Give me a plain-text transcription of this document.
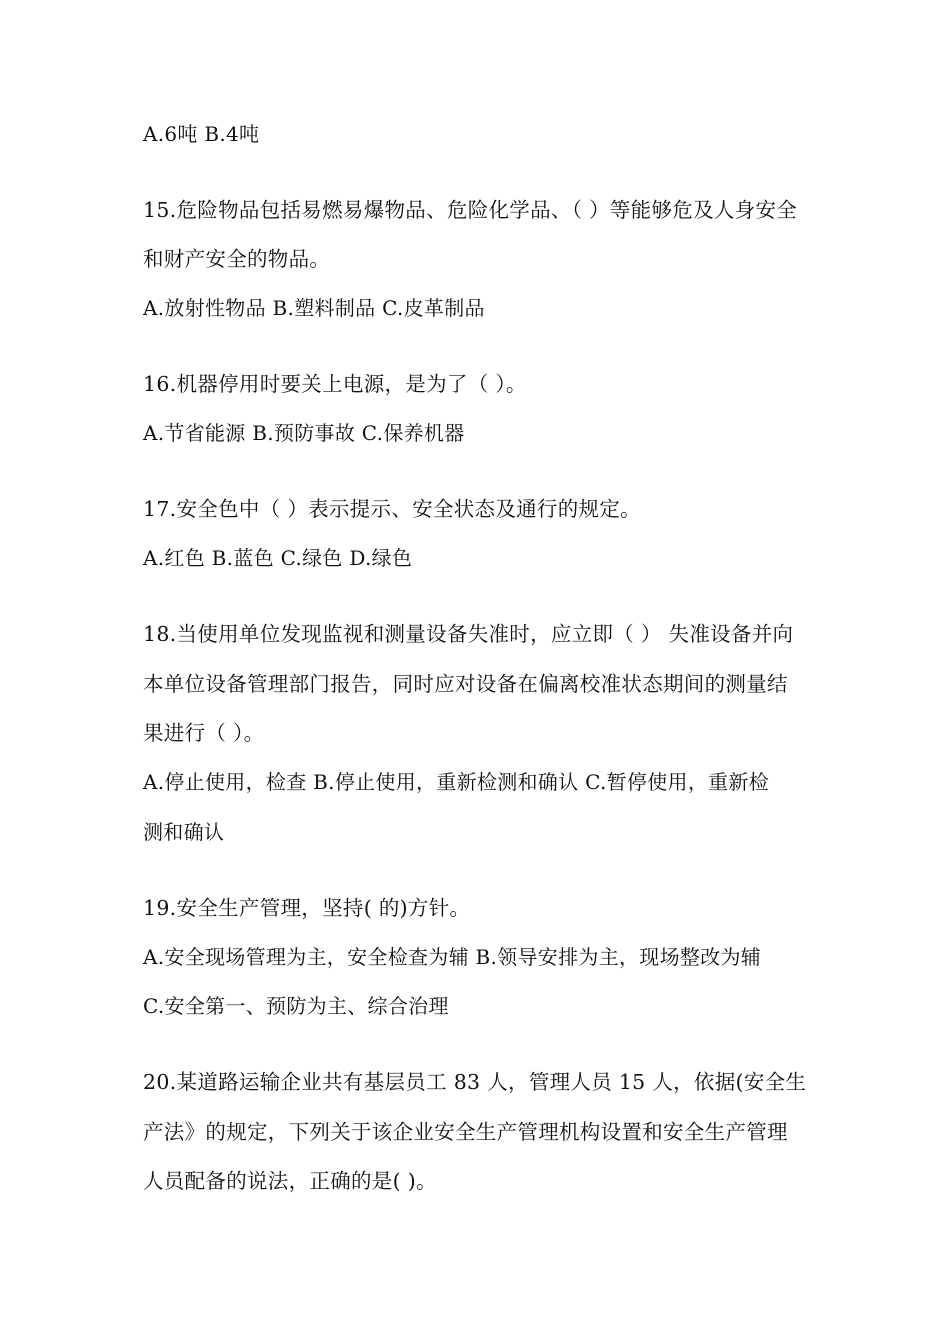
A.6吨 B.4吨
15.危险物品包括易燃易爆物品、危险化学品、（ ）等能够危及人身安全
和财产安全的物品。
A.放射性物品 B.塑料制品 C.皮革制品
16.机器停用时要关上电源，是为了（ ）。
A.节省能源 B.预防事故 C.保养机器
17.安全色中（ ）表示提示、安全状态及通行的规定。
A.红色 B.蓝色 C.绿色 D.绿色
18.当使用单位发现监视和测量设备失准时，应立即（ ） 失准设备并向
本单位设备管理部门报告，同时应对设备在偏离校准状态期间的测量结
果进行（ ）。
A.停止使用，检查 B.停止使用，重新检测和确认 C.暂停使用，重新检
测和确认
19.安全生产管理，坚持( 的)方针。
A.安全现场管理为主，安全检查为辅 B.领导安排为主，现场整改为辅
C.安全第一、预防为主、综合治理
20.某道路运输企业共有基层员工 83 人，管理人员 15 人，依据(安全生
产法》的规定，下列关于该企业安全生产管理机构设置和安全生产管理
人员配备的说法，正确的是( )。
